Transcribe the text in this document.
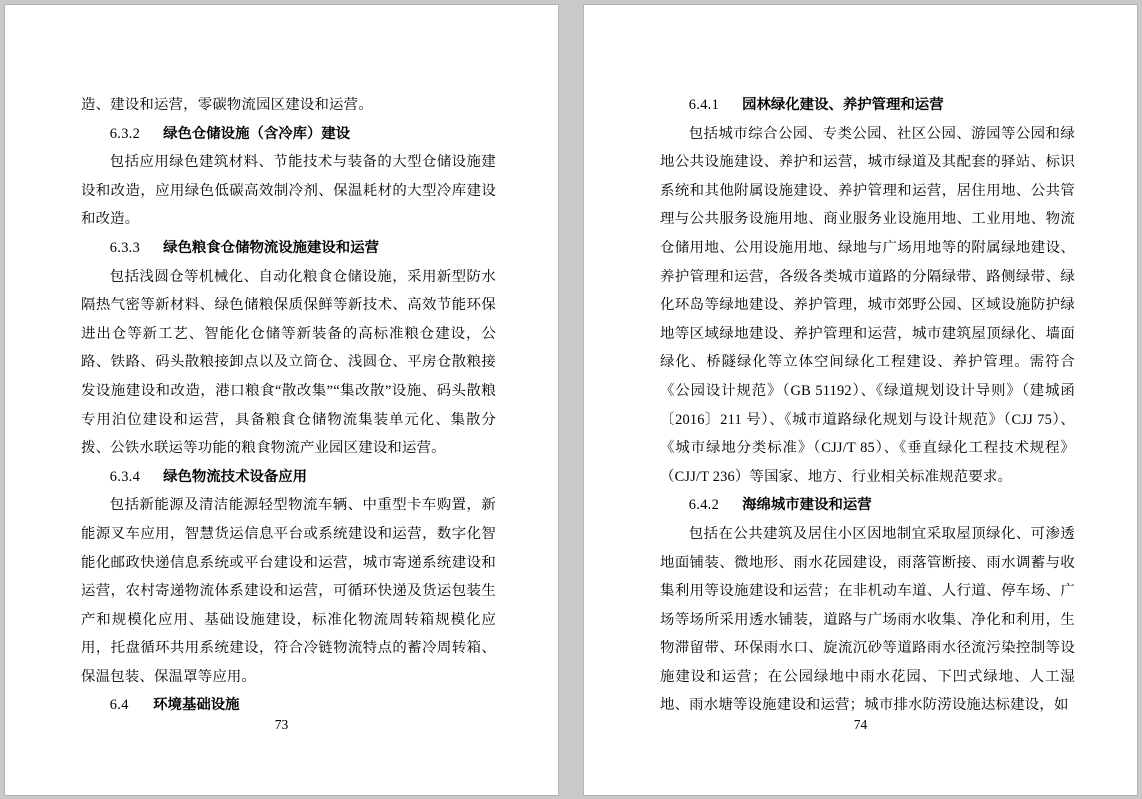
造、建设和运营，零碳物流园区建设和运营。

6.3.2 绿色仓储设施（含冷库）建设

包括应用绿色建筑材料、节能技术与装备的大型仓储设施建设和改造，应用绿色低碳高效制冷剂、保温耗材的大型冷库建设和改造。

6.3.3 绿色粮食仓储物流设施建设和运营

包括浅圆仓等机械化、自动化粮食仓储设施，采用新型防水隔热气密等新材料、绿色储粮保质保鲜等新技术、高效节能环保进出仓等新工艺、智能化仓储等新装备的高标准粮仓建设，公路、铁路、码头散粮接卸点以及立筒仓、浅圆仓、平房仓散粮接发设施建设和改造，港口粮食“散改集”“集改散”设施、码头散粮专用泊位建设和运营，具备粮食仓储物流集装单元化、集散分拨、公铁水联运等功能的粮食物流产业园区建设和运营。

6.3.4 绿色物流技术设备应用

包括新能源及清洁能源轻型物流车辆、中重型卡车购置，新能源叉车应用，智慧货运信息平台或系统建设和运营，数字化智能化邮政快递信息系统或平台建设和运营，城市寄递系统建设和运营，农村寄递物流体系建设和运营，可循环快递及货运包装生产和规模化应用、基础设施建设，标准化物流周转箱规模化应用，托盘循环共用系统建设，符合冷链物流特点的蓄冷周转箱、保温包装、保温罩等应用。

6.4 环境基础设施

73

6.4.1 园林绿化建设、养护管理和运营

包括城市综合公园、专类公园、社区公园、游园等公园和绿地公共设施建设、养护和运营，城市绿道及其配套的驿站、标识系统和其他附属设施建设、养护管理和运营，居住用地、公共管理与公共服务设施用地、商业服务业设施用地、工业用地、物流仓储用地、公用设施用地、绿地与广场用地等的附属绿地建设、养护管理和运营，各级各类城市道路的分隔绿带、路侧绿带、绿化环岛等绿地建设、养护管理，城市郊野公园、区域设施防护绿地等区域绿地建设、养护管理和运营，城市建筑屋顶绿化、墙面绿化、桥隧绿化等立体空间绿化工程建设、养护管理。需符合《公园设计规范》（GB 51192）、《绿道规划设计导则》（建城函〔2016〕211 号）、《城市道路绿化规划与设计规范》（CJJ 75）、《城市绿地分类标准》（CJJ/T 85）、《垂直绿化工程技术规程》（CJJ/T 236）等国家、地方、行业相关标准规范要求。

6.4.2 海绵城市建设和运营

包括在公共建筑及居住小区因地制宜采取屋顶绿化、可渗透地面铺装、微地形、雨水花园建设，雨落管断接、雨水调蓄与收集利用等设施建设和运营；在非机动车道、人行道、停车场、广场等场所采用透水铺装，道路与广场雨水收集、净化和利用，生物滞留带、环保雨水口、旋流沉砂等道路雨水径流污染控制等设施建设和运营；在公园绿地中雨水花园、下凹式绿地、人工湿地、雨水塘等设施建设和运营；城市排水防涝设施达标建设，如

74
